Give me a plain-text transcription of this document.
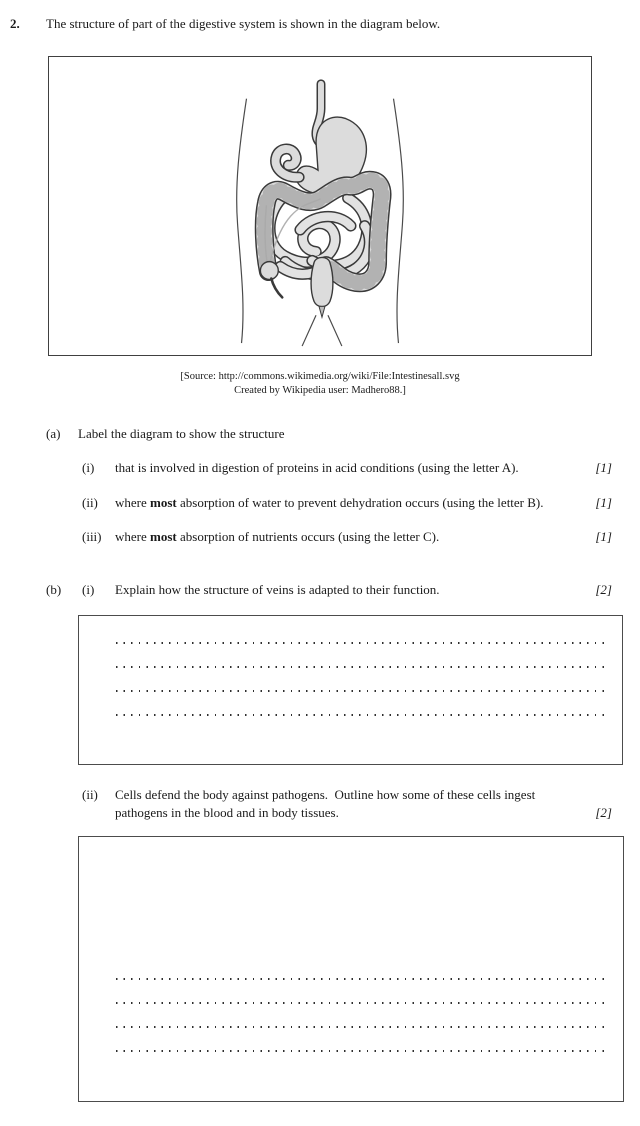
2. The structure of part of the digestive system is shown in the diagram below.
[Source: http://commons.wikimedia.org/wiki/File:Intestinesall.svg
Created by Wikipedia user: Madhero88.]
(a) Label the diagram to show the structure
(i) that is involved in digestion of proteins in acid conditions (using the letter A).	[1]
(ii) where most absorption of water to prevent dehydration occurs (using the letter B).	[1]
(iii) where most absorption of nutrients occurs (using the letter C).	[1]
(b) (i) Explain how the structure of veins is adapted to their function.	[2]
(ii) Cells defend the body against pathogens.  Outline how some of these cells ingest
pathogens in the blood and in body tissues.	[2]
